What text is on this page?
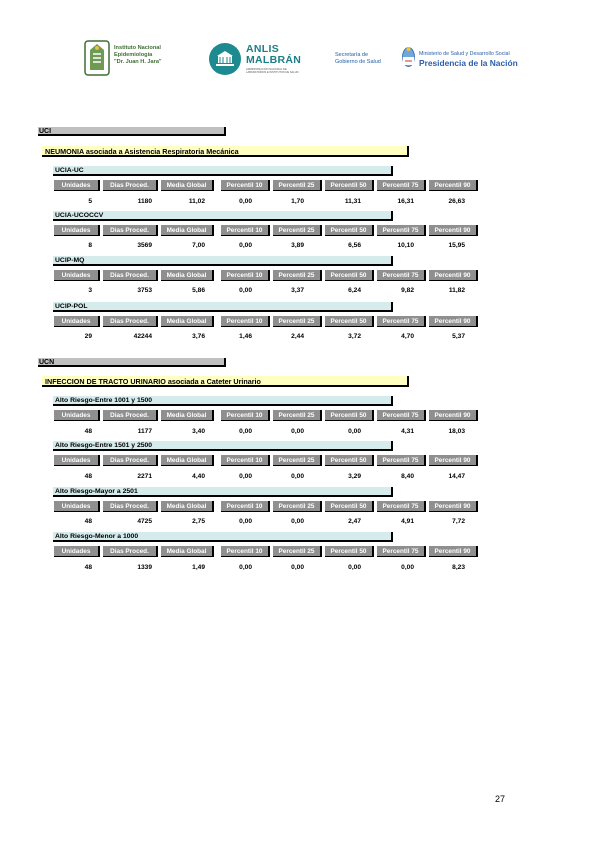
Instituto Nacional
Epidemiología
"Dr. Juan H. Jara"
ANLIS
MALBRÁN
ADMINISTRACIÓN NACIONAL DE LABORATORIOS E INSTITUTOS DE SALUD
Secretaría de
Gobierno de Salud
Ministerio de Salud y Desarrollo Social
Presidencia de la Nación
UCI
NEUMONIA asociada a Asistencia Respiratoria Mecánica
UCIA-UC
Unidades	Dias Proced.	Media Global	Percentil 10	Percentil 25	Percentil 50	Percentil 75	Percentil 90
5	1180	11,02	0,00	1,70	11,31	16,31	26,63
UCIA-UCOCCV
Unidades	Dias Proced.	Media Global	Percentil 10	Percentil 25	Percentil 50	Percentil 75	Percentil 90
8	3569	7,00	0,00	3,89	6,56	10,10	15,95
UCIP-MQ
Unidades	Dias Proced.	Media Global	Percentil 10	Percentil 25	Percentil 50	Percentil 75	Percentil 90
3	3753	5,86	0,00	3,37	6,24	9,82	11,82
UCIP-POL
Unidades	Dias Proced.	Media Global	Percentil 10	Percentil 25	Percentil 50	Percentil 75	Percentil 90
29	42244	3,76	1,46	2,44	3,72	4,70	5,37
UCN
INFECCION DE TRACTO URINARIO asociada a Cateter Urinario
Alto Riesgo-Entre 1001 y 1500
Unidades	Dias Proced.	Media Global	Percentil 10	Percentil 25	Percentil 50	Percentil 75	Percentil 90
48	1177	3,40	0,00	0,00	0,00	4,31	18,03
Alto Riesgo-Entre 1501 y 2500
Unidades	Dias Proced.	Media Global	Percentil 10	Percentil 25	Percentil 50	Percentil 75	Percentil 90
48	2271	4,40	0,00	0,00	3,29	8,40	14,47
Alto Riesgo-Mayor a 2501
Unidades	Dias Proced.	Media Global	Percentil 10	Percentil 25	Percentil 50	Percentil 75	Percentil 90
48	4725	2,75	0,00	0,00	2,47	4,91	7,72
Alto Riesgo-Menor a 1000
Unidades	Dias Proced.	Media Global	Percentil 10	Percentil 25	Percentil 50	Percentil 75	Percentil 90
48	1339	1,49	0,00	0,00	0,00	0,00	8,23
27
